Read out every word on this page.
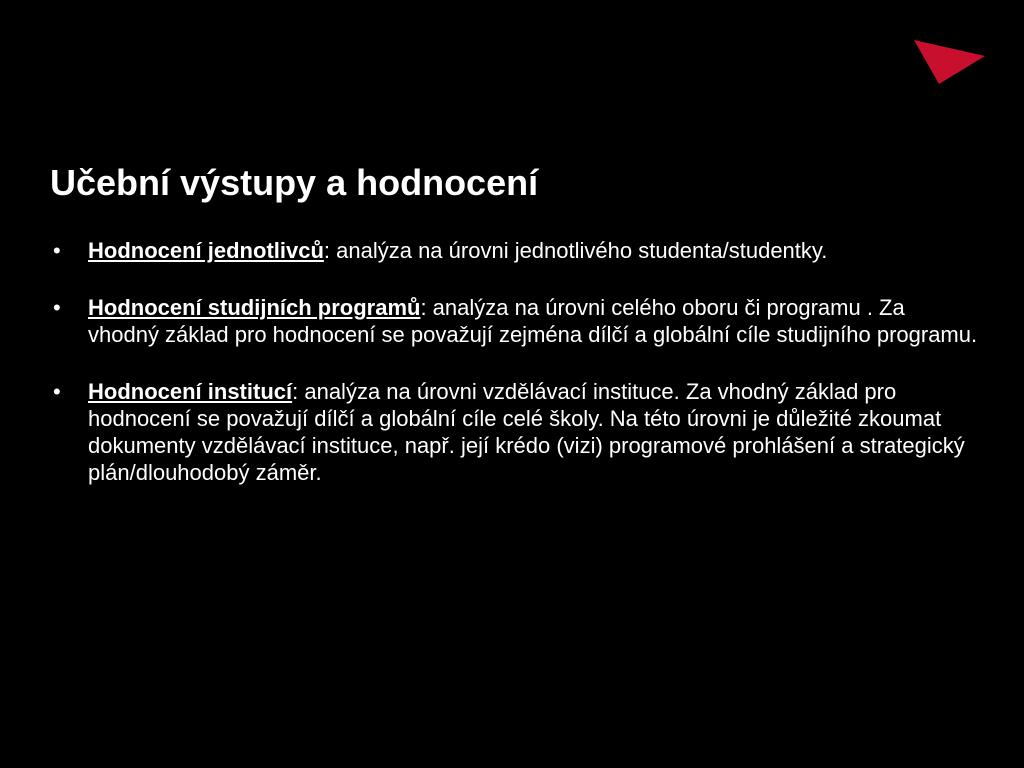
Učební výstupy a hodnocení
• Hodnocení jednotlivců: analýza na úrovni jednotlivého studenta/studentky.
• Hodnocení studijních programů: analýza na úrovni celého oboru či programu . Za vhodný základ pro hodnocení se považují zejména dílčí a globální cíle studijního programu.
• Hodnocení institucí: analýza na úrovni vzdělávací instituce. Za vhodný základ pro hodnocení se považují dílčí a globální cíle celé školy. Na této úrovni je důležité zkoumat dokumenty vzdělávací instituce, např. její krédo (vizi) programové prohlášení a strategický plán/dlouhodobý záměr.
